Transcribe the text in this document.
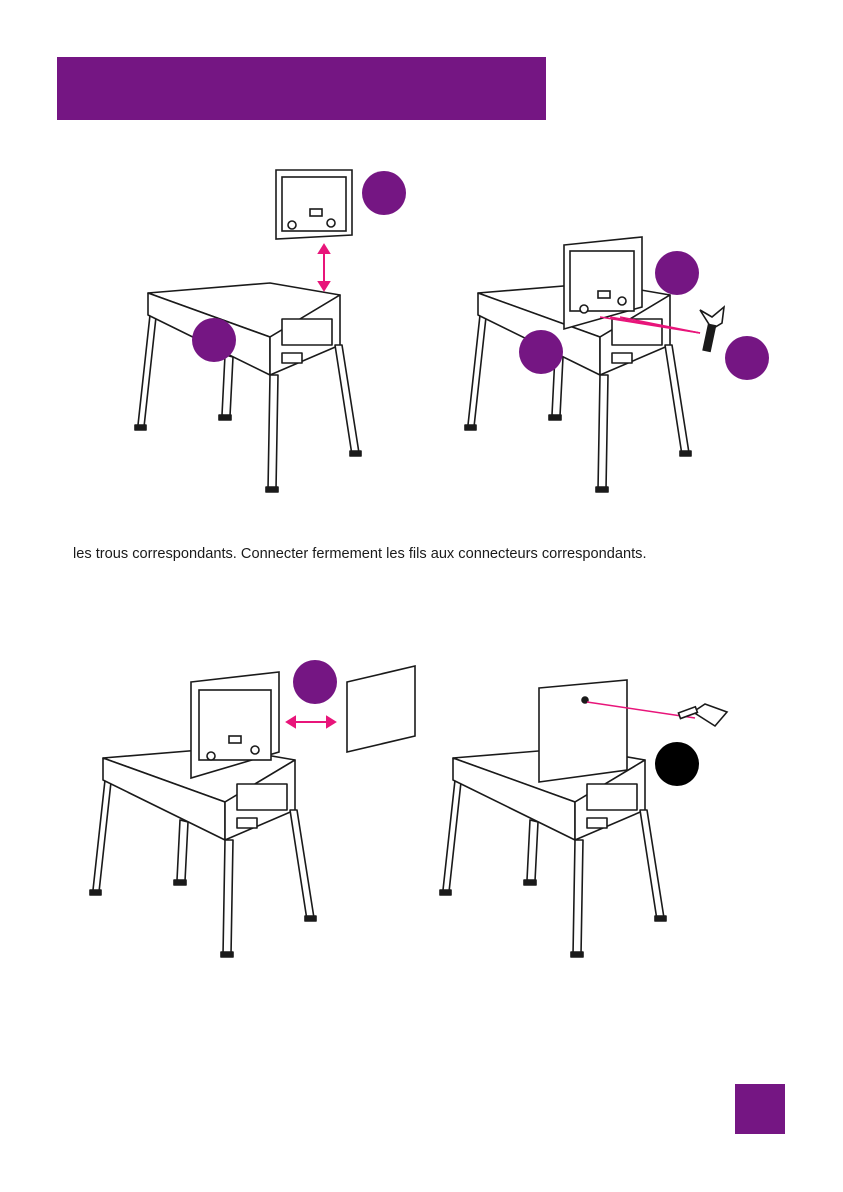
les trous correspondants. Connecter fermement les fils aux connecteurs correspondants.
